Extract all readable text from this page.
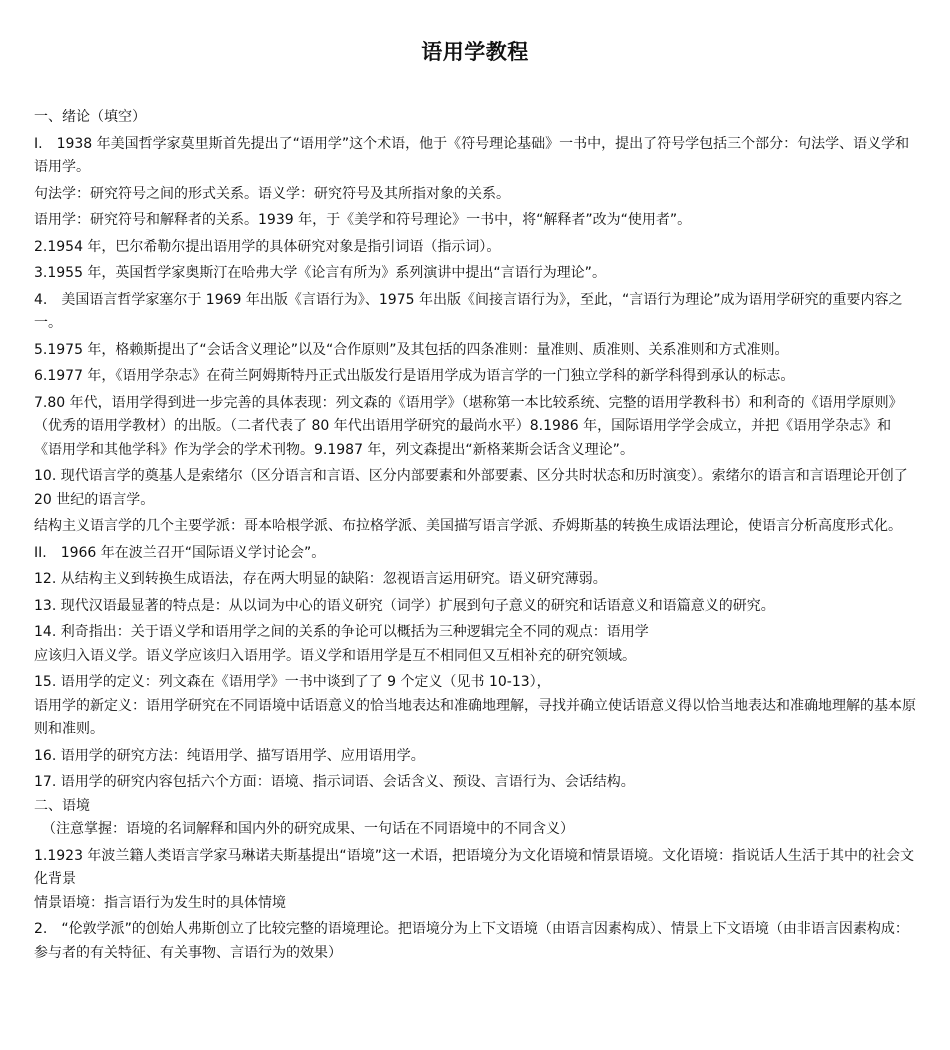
语用学教程

一、绪论（填空）

I.　1938 年美国哲学家莫里斯首先提出了“语用学”这个术语，他于《符号理论基础》一书中，提出了符号学包括三个部分：句法学、语义学和语用学。

句法学：研究符号之间的形式关系。语义学：研究符号及其所指对象的关系。

语用学：研究符号和解释者的关系。1939 年，于《美学和符号理论》一书中，将“解释者”改为“使用者”。

2.1954 年，巴尔希勒尔提出语用学的具体研究对象是指引词语（指示词）。

3.1955 年，英国哲学家奥斯汀在哈弗大学《论言有所为》系列演讲中提出“言语行为理论”。

4.　美国语言哲学家塞尔于 1969 年出版《言语行为》、1975 年出版《间接言语行为》，至此，“言语行为理论”成为语用学研究的重要内容之一。

5.1975 年，格赖斯提出了“会话含义理论”以及“合作原则”及其包括的四条准则：量准则、质准则、关系准则和方式准则。

6.1977 年，《语用学杂志》在荷兰阿姆斯特丹正式出版发行是语用学成为语言学的一门独立学科的新学科得到承认的标志。

7.80 年代，语用学得到进一步完善的具体表现：列文森的《语用学》（堪称第一本比较系统、完整的语用学教科书）和利奇的《语用学原则》（优秀的语用学教材）的出版。（二者代表了 80 年代出语用学研究的最尚水平）8.1986 年，国际语用学学会成立，并把《语用学杂志》和《语用学和其他学科》作为学会的学术刊物。9.1987 年，列文森提出“新格莱斯会话含义理论”。

10. 现代语言学的奠基人是索绪尔（区分语言和言语、区分内部要素和外部要素、区分共时状态和历时演变）。索绪尔的语言和言语理论开创了 20 世纪的语言学。

结构主义语言学的几个主要学派：哥本哈根学派、布拉格学派、美国描写语言学派、乔姆斯基的转换生成语法理论，使语言分析高度形式化。

II.　1966 年在波兰召开“国际语义学讨论会”。

12. 从结构主义到转换生成语法，存在两大明显的缺陷：忽视语言运用研究。语义研究薄弱。

13. 现代汉语最显著的特点是：从以词为中心的语义研究（词学）扩展到句子意义的研究和话语意义和语篇意义的研究。

14. 利奇指出：关于语义学和语用学之间的关系的争论可以概括为三种逻辑完全不同的观点：语用学

应该归入语义学。语义学应该归入语用学。语义学和语用学是互不相同但又互相补充的研究领域。

15. 语用学的定义：列文森在《语用学》一书中谈到了了 9 个定义（见书 10-13），

语用学的新定义：语用学研究在不同语境中话语意义的恰当地表达和准确地理解，寻找并确立使话语意义得以恰当地表达和准确地理解的基本原则和准则。

16. 语用学的研究方法：纯语用学、描写语用学、应用语用学。

17. 语用学的研究内容包括六个方面：语境、指示词语、会话含义、预设、言语行为、会话结构。

二、语境

（注意掌握：语境的名词解释和国内外的研究成果、一句话在不同语境中的不同含义）

1.1923 年波兰籍人类语言学家马琳诺夫斯基提出“语境”这一术语，把语境分为文化语境和情景语境。文化语境：指说话人生活于其中的社会文化背景

情景语境：指言语行为发生时的具体情境

2.　“伦敦学派”的创始人弗斯创立了比较完整的语境理论。把语境分为上下文语境（由语言因素构成）、情景上下文语境（由非语言因素构成：参与者的有关特征、有关事物、言语行为的效果）
